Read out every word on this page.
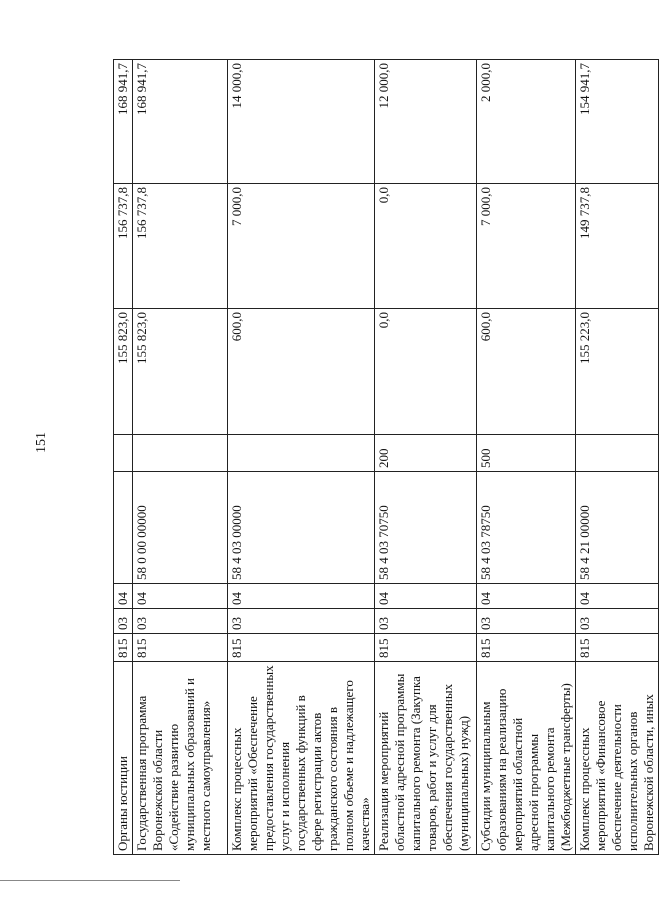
151
Органы юстиции	815	03	04			155 823,0	156 737,8	168 941,7
Государственная программа Воронежской области «Содействие развитию муниципальных образований и местного самоуправления»	815	03	04	58 0 00 00000		155 823,0	156 737,8	168 941,7
Комплекс процессных мероприятий «Обеспечение предоставления государственных услуг и исполнения государственных функций в сфере регистрации актов гражданского состояния в полном объеме и надлежащего качества»	815	03	04	58 4 03 00000		600,0	7 000,0	14 000,0
Реализация мероприятий областной адресной программы капитального ремонта (Закупка товаров, работ и услуг для обеспечения государственных (муниципальных) нужд)	815	03	04	58 4 03 70750	200	0,0	0,0	12 000,0
Субсидии муниципальным образованиям на реализацию мероприятий областной адресной программы капитального ремонта (Межбюджетные трансферты)	815	03	04	58 4 03 78750	500	600,0	7 000,0	2 000,0
Комплекс процессных мероприятий «Финансовое обеспечение деятельности исполнительных органов Воронежской области, иных	815	03	04	58 4 21 00000		155 223,0	149 737,8	154 941,7
